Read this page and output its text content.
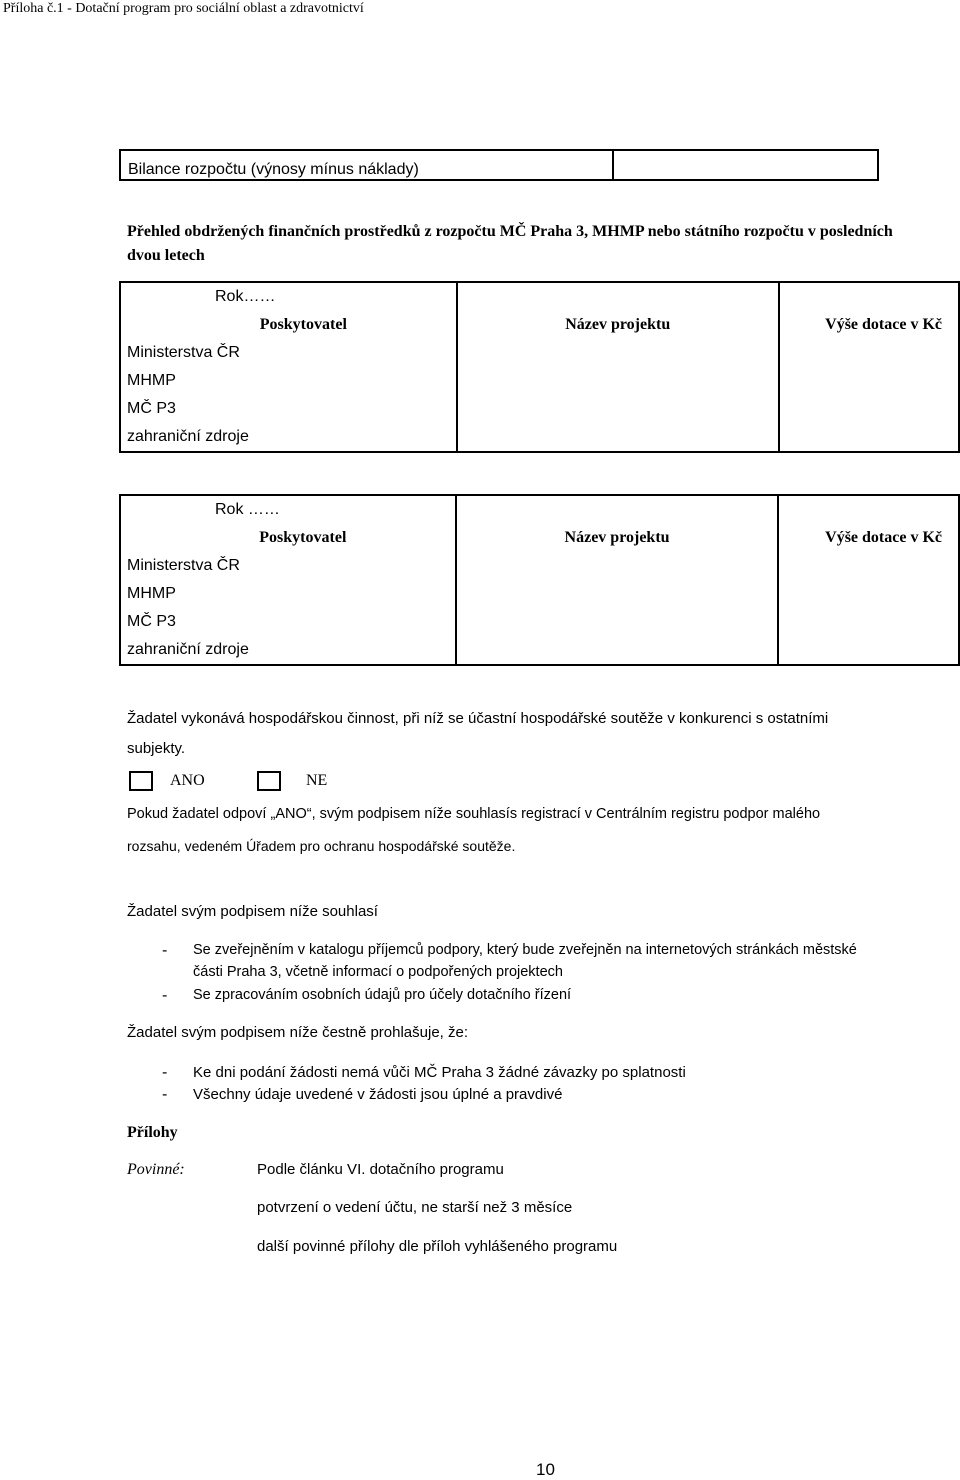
Příloha č.1 - Dotační program pro sociální oblast a zdravotnictví
Bilance rozpočtu (výnosy mínus náklady)
Přehled obdržených finančních prostředků z rozpočtu MČ Praha 3, MHMP nebo státního rozpočtu v posledních dvou letech
Rok……		
Poskytovatel	Název projektu	Výše dotace v Kč
Ministerstva ČR		
MHMP		
MČ P3		
zahraniční zdroje		
Rok ……		
Poskytovatel	Název projektu	Výše dotace v Kč
Ministerstva ČR		
MHMP		
MČ P3		
zahraniční zdroje		
Žadatel vykonává hospodářskou činnost, při níž se účastní hospodářské soutěže v konkurenci s ostatními
subjekty.
ANO	NE
Pokud žadatel odpoví „ANO“, svým podpisem níže souhlasís registrací v Centrálním registru podpor malého
rozsahu, vedeném Úřadem pro ochranu hospodářské soutěže.
Žadatel svým podpisem níže souhlasí
- Se zveřejněním v katalogu příjemců podpory, který bude zveřejněn na internetových stránkách městské
části Praha 3, včetně informací o podpořených projektech
- Se zpracováním osobních údajů pro účely dotačního řízení
Žadatel svým podpisem níže čestně prohlašuje, že:
- Ke dni podání žádosti nemá vůči MČ Praha 3 žádné závazky po splatnosti
- Všechny údaje uvedené v žádosti jsou úplné a pravdivé
Přílohy
Povinné:	Podle článku VI. dotačního programu
potvrzení o vedení účtu, ne starší než 3 měsíce
další povinné přílohy dle příloh vyhlášeného programu
10
